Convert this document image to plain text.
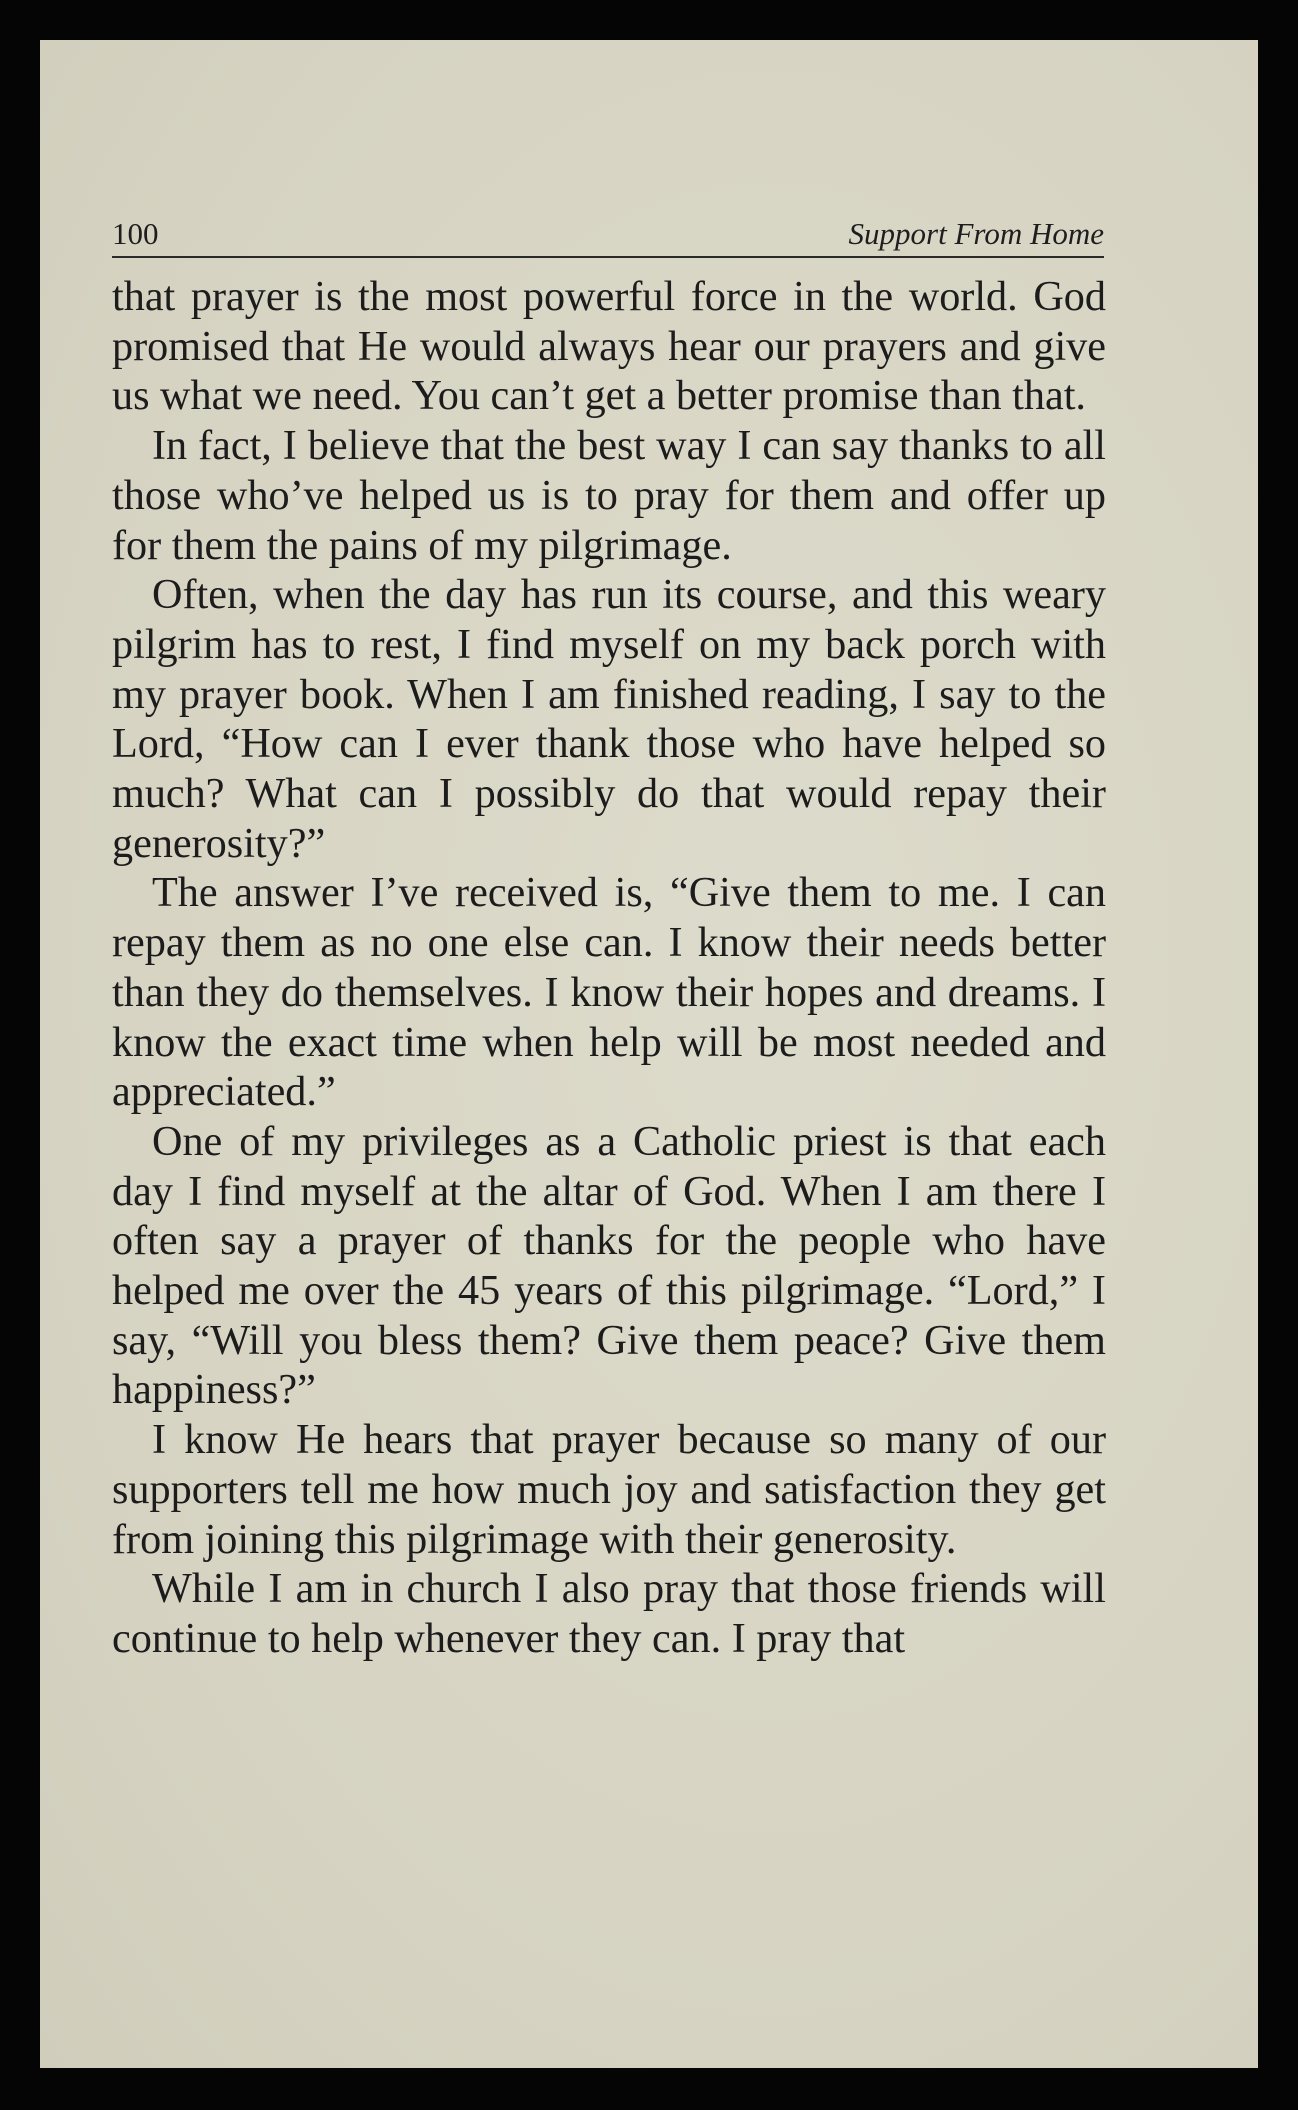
100	Support From Home

that prayer is the most powerful force in the world. God promised that He would always hear our prayers and give us what we need. You can’t get a better promise than that.

In fact, I believe that the best way I can say thanks to all those who’ve helped us is to pray for them and offer up for them the pains of my pilgrimage.

Often, when the day has run its course, and this weary pilgrim has to rest, I find myself on my back porch with my prayer book. When I am finished reading, I say to the Lord, “How can I ever thank those who have helped so much? What can I possibly do that would repay their generosity?”

The answer I’ve received is, “Give them to me. I can repay them as no one else can. I know their needs better than they do themselves. I know their hopes and dreams. I know the exact time when help will be most needed and appreciated.”

One of my privileges as a Catholic priest is that each day I find myself at the altar of God. When I am there I often say a prayer of thanks for the people who have helped me over the 45 years of this pilgrimage. “Lord,” I say, “Will you bless them? Give them peace? Give them happiness?”

I know He hears that prayer because so many of our supporters tell me how much joy and satisfaction they get from joining this pilgrimage with their generosity.

While I am in church I also pray that those friends will continue to help whenever they can. I pray that
